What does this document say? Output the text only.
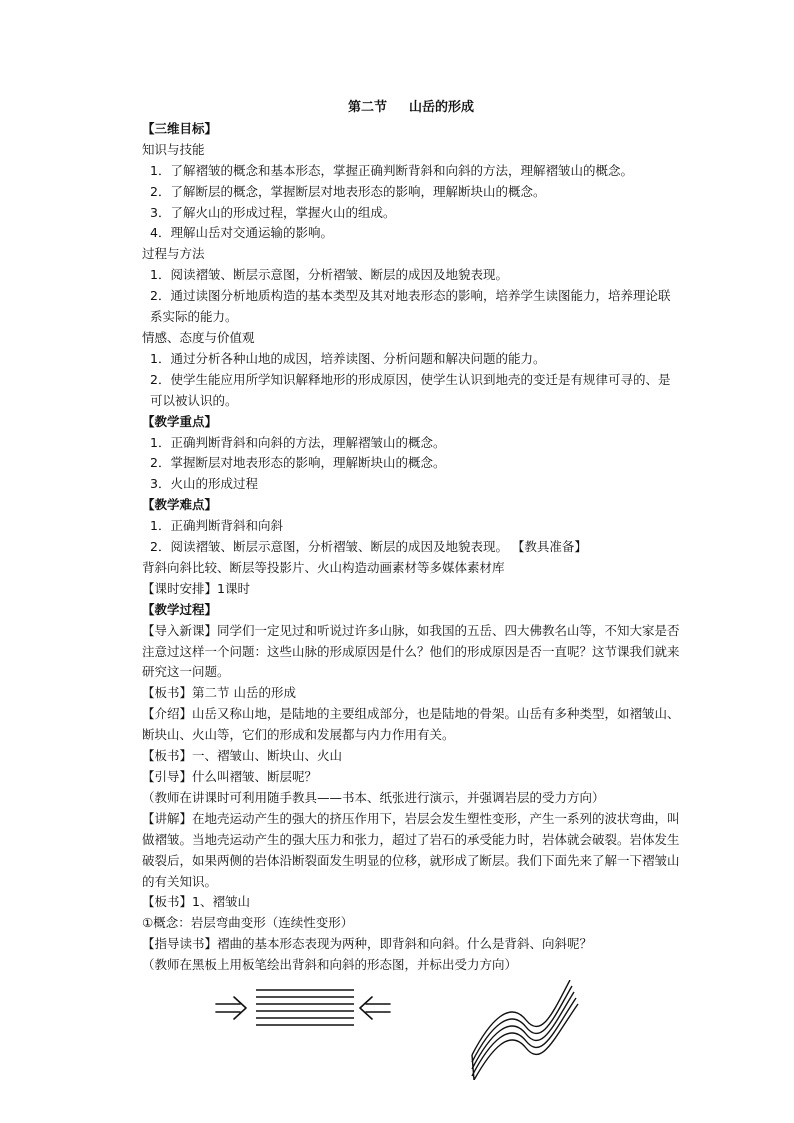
第二节 山岳的形成
【三维目标】
知识与技能
1．了解褶皱的概念和基本形态，掌握正确判断背斜和向斜的方法，理解褶皱山的概念。
2．了解断层的概念，掌握断层对地表形态的影响，理解断块山的概念。
3．了解火山的形成过程，掌握火山的组成。
4．理解山岳对交通运输的影响。
过程与方法
1．阅读褶皱、断层示意图，分析褶皱、断层的成因及地貌表现。
2．通过读图分析地质构造的基本类型及其对地表形态的影响，培养学生读图能力，培养理论联系实际的能力。
情感、态度与价值观
1．通过分析各种山地的成因，培养读图、分析问题和解决问题的能力。
2．使学生能应用所学知识解释地形的形成原因，使学生认识到地壳的变迁是有规律可寻的、是可以被认识的。
【教学重点】
1．正确判断背斜和向斜的方法，理解褶皱山的概念。
2．掌握断层对地表形态的影响，理解断块山的概念。
3．火山的形成过程
【教学难点】
1．正确判断背斜和向斜
2．阅读褶皱、断层示意图，分析褶皱、断层的成因及地貌表现。 【教具准备】
背斜向斜比较、断层等投影片、火山构造动画素材等多媒体素材库
【课时安排】1课时
【教学过程】
【导入新课】同学们一定见过和听说过许多山脉，如我国的五岳、四大佛教名山等，不知大家是否注意过这样一个问题：这些山脉的形成原因是什么？他们的形成原因是否一直呢？这节课我们就来研究这一问题。
【板书】第二节 山岳的形成
【介绍】山岳又称山地，是陆地的主要组成部分，也是陆地的骨架。山岳有多种类型，如褶皱山、断块山、火山等，它们的形成和发展都与内力作用有关。
【板书】一、褶皱山、断块山、火山
【引导】什么叫褶皱、断层呢？
（教师在讲课时可利用随手教具——书本、纸张进行演示，并强调岩层的受力方向）
【讲解】在地壳运动产生的强大的挤压作用下，岩层会发生塑性变形，产生一系列的波状弯曲，叫做褶皱。当地壳运动产生的强大压力和张力，超过了岩石的承受能力时，岩体就会破裂。岩体发生破裂后，如果两侧的岩体沿断裂面发生明显的位移，就形成了断层。我们下面先来了解一下褶皱山的有关知识。
【板书】1、褶皱山
①概念：岩层弯曲变形（连续性变形）
【指导读书】褶曲的基本形态表现为两种，即背斜和向斜。什么是背斜、向斜呢？
（教师在黑板上用板笔绘出背斜和向斜的形态图，并标出受力方向）
